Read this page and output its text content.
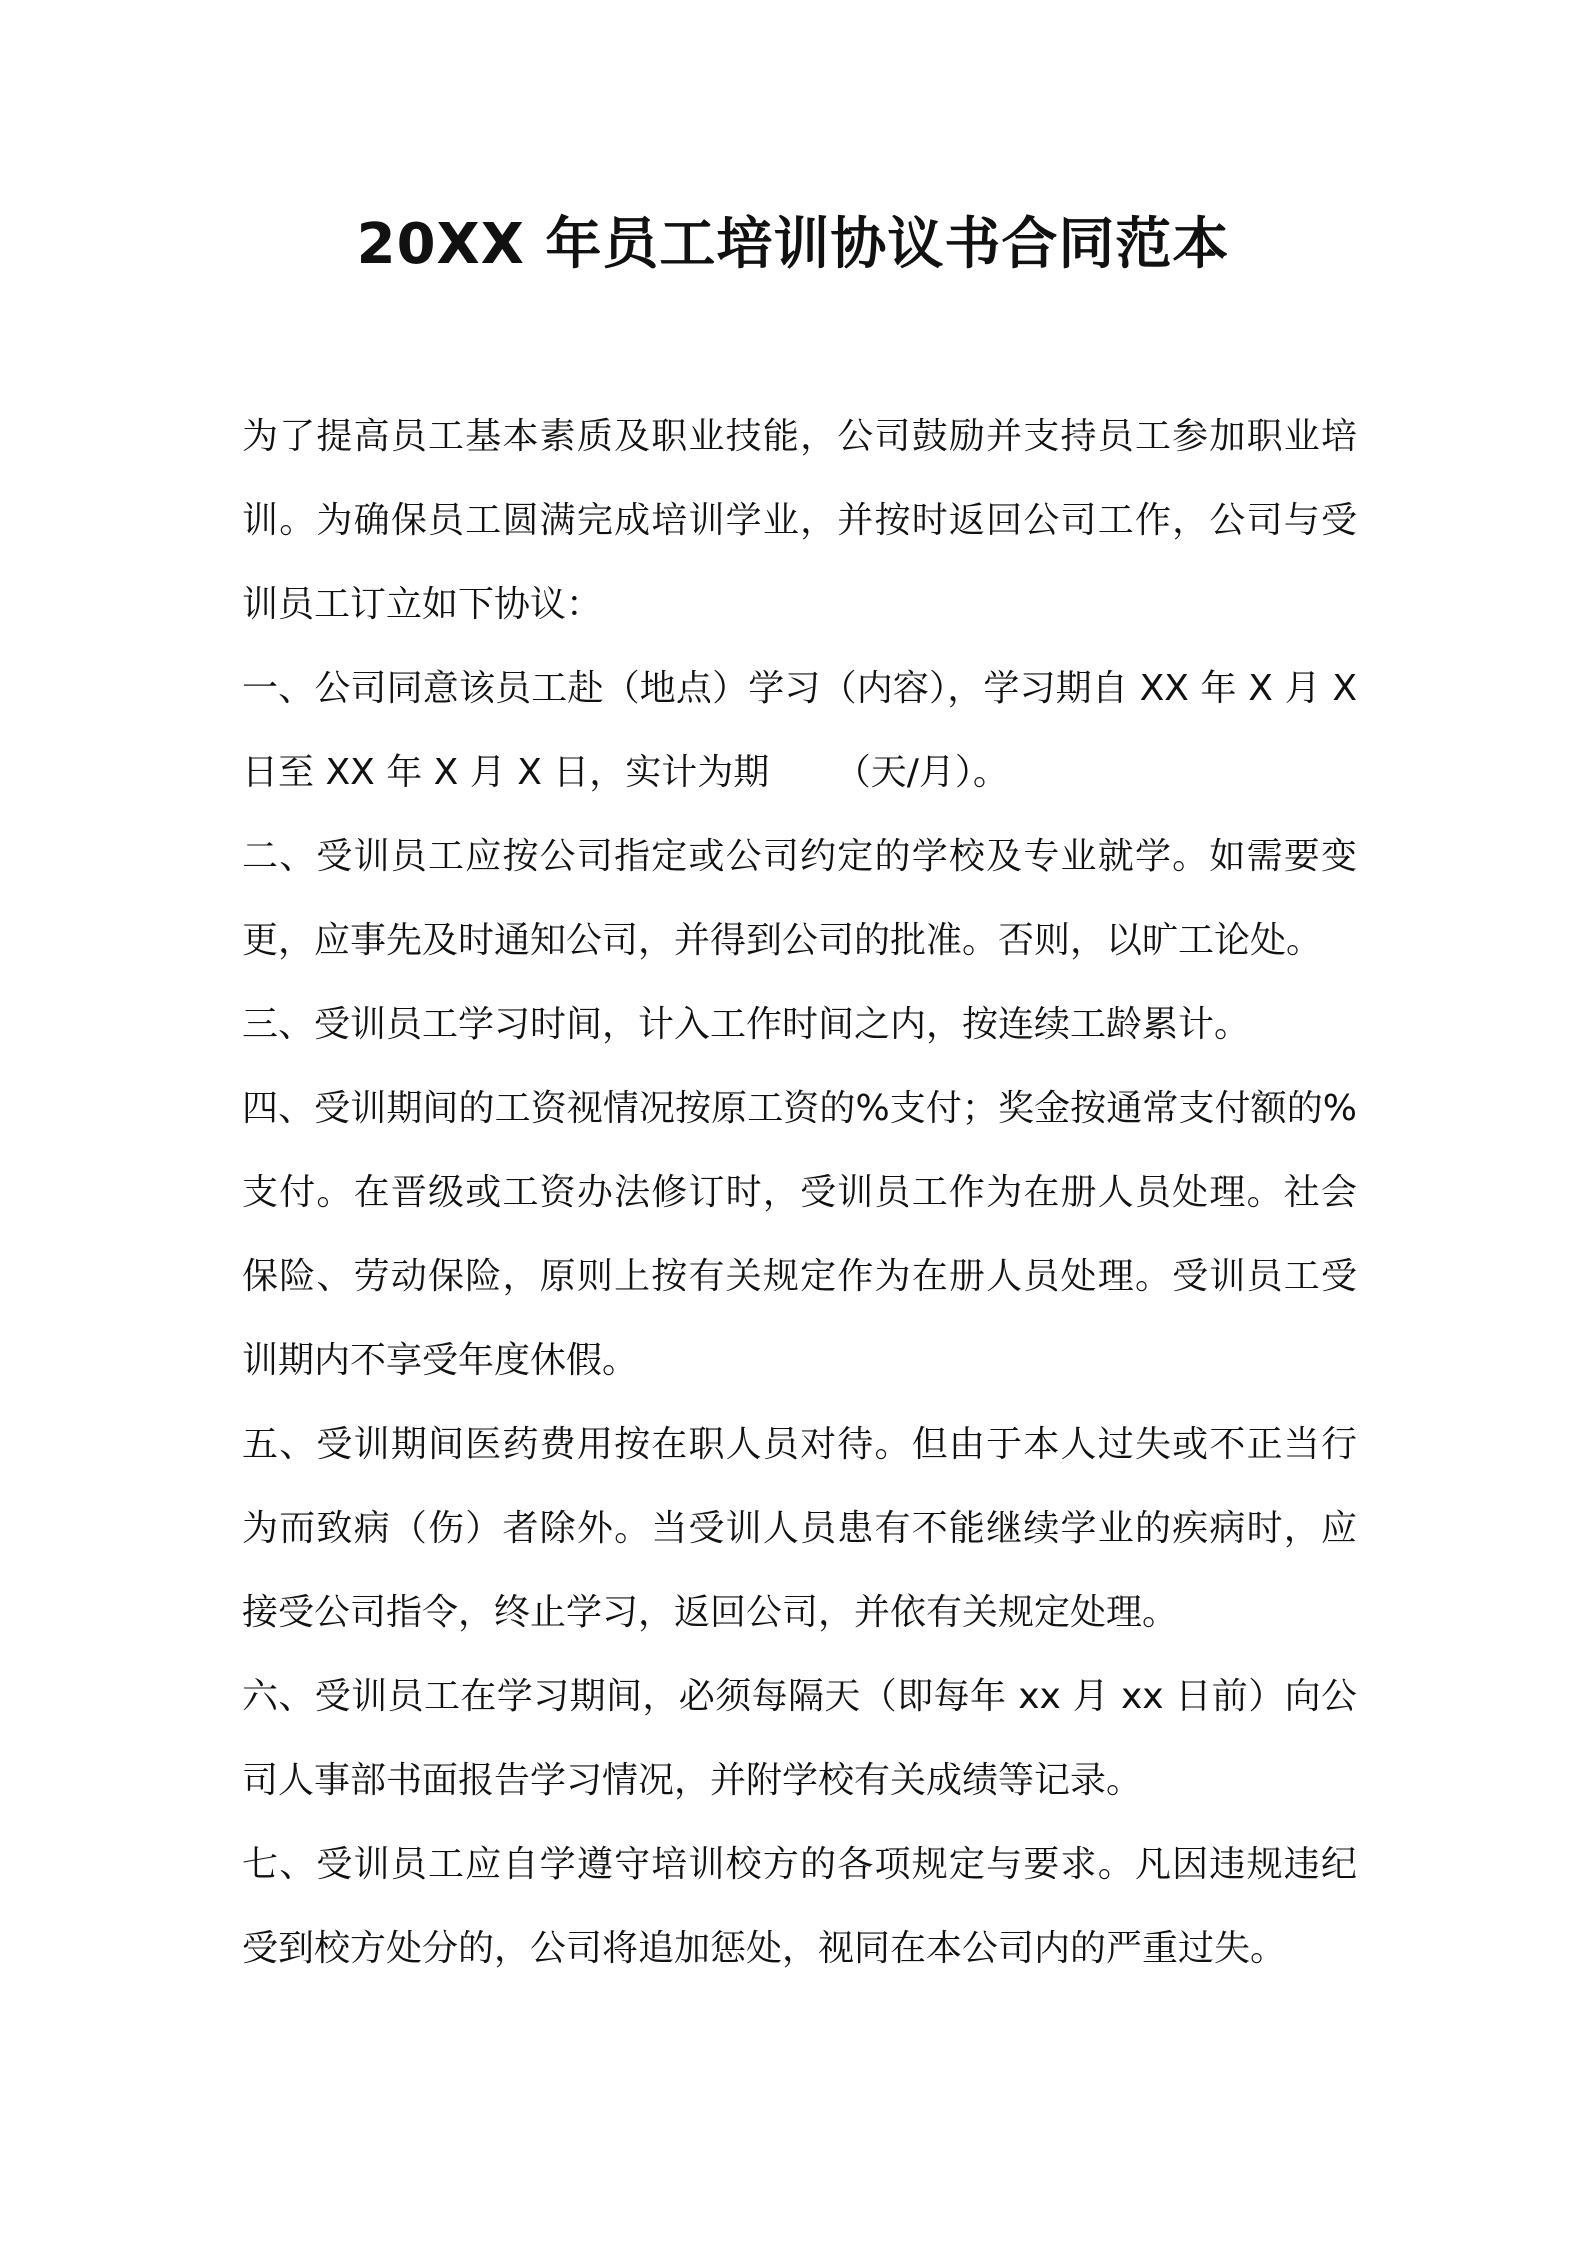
20XX 年员工培训协议书合同范本

为了提高员工基本素质及职业技能，公司鼓励并支持员工参加职业培训。为确保员工圆满完成培训学业，并按时返回公司工作，公司与受训员工订立如下协议：

一、公司同意该员工赴（地点）学习（内容），学习期自 XX 年 X 月 X 日至 XX 年 X 月 X 日，实计为期 　　（天/月）。

二、受训员工应按公司指定或公司约定的学校及专业就学。如需要变更，应事先及时通知公司，并得到公司的批准。否则，以旷工论处。

三、受训员工学习时间，计入工作时间之内，按连续工龄累计。

四、受训期间的工资视情况按原工资的%支付；奖金按通常支付额的%支付。在晋级或工资办法修订时，受训员工作为在册人员处理。社会保险、劳动保险，原则上按有关规定作为在册人员处理。受训员工受训期内不享受年度休假。

五、受训期间医药费用按在职人员对待。但由于本人过失或不正当行为而致病（伤）者除外。当受训人员患有不能继续学业的疾病时，应接受公司指令，终止学习，返回公司，并依有关规定处理。

六、受训员工在学习期间，必须每隔天（即每年 xx 月 xx 日前）向公司人事部书面报告学习情况，并附学校有关成绩等记录。

七、受训员工应自学遵守培训校方的各项规定与要求。凡因违规违纪受到校方处分的，公司将追加惩处，视同在本公司内的严重过失。
